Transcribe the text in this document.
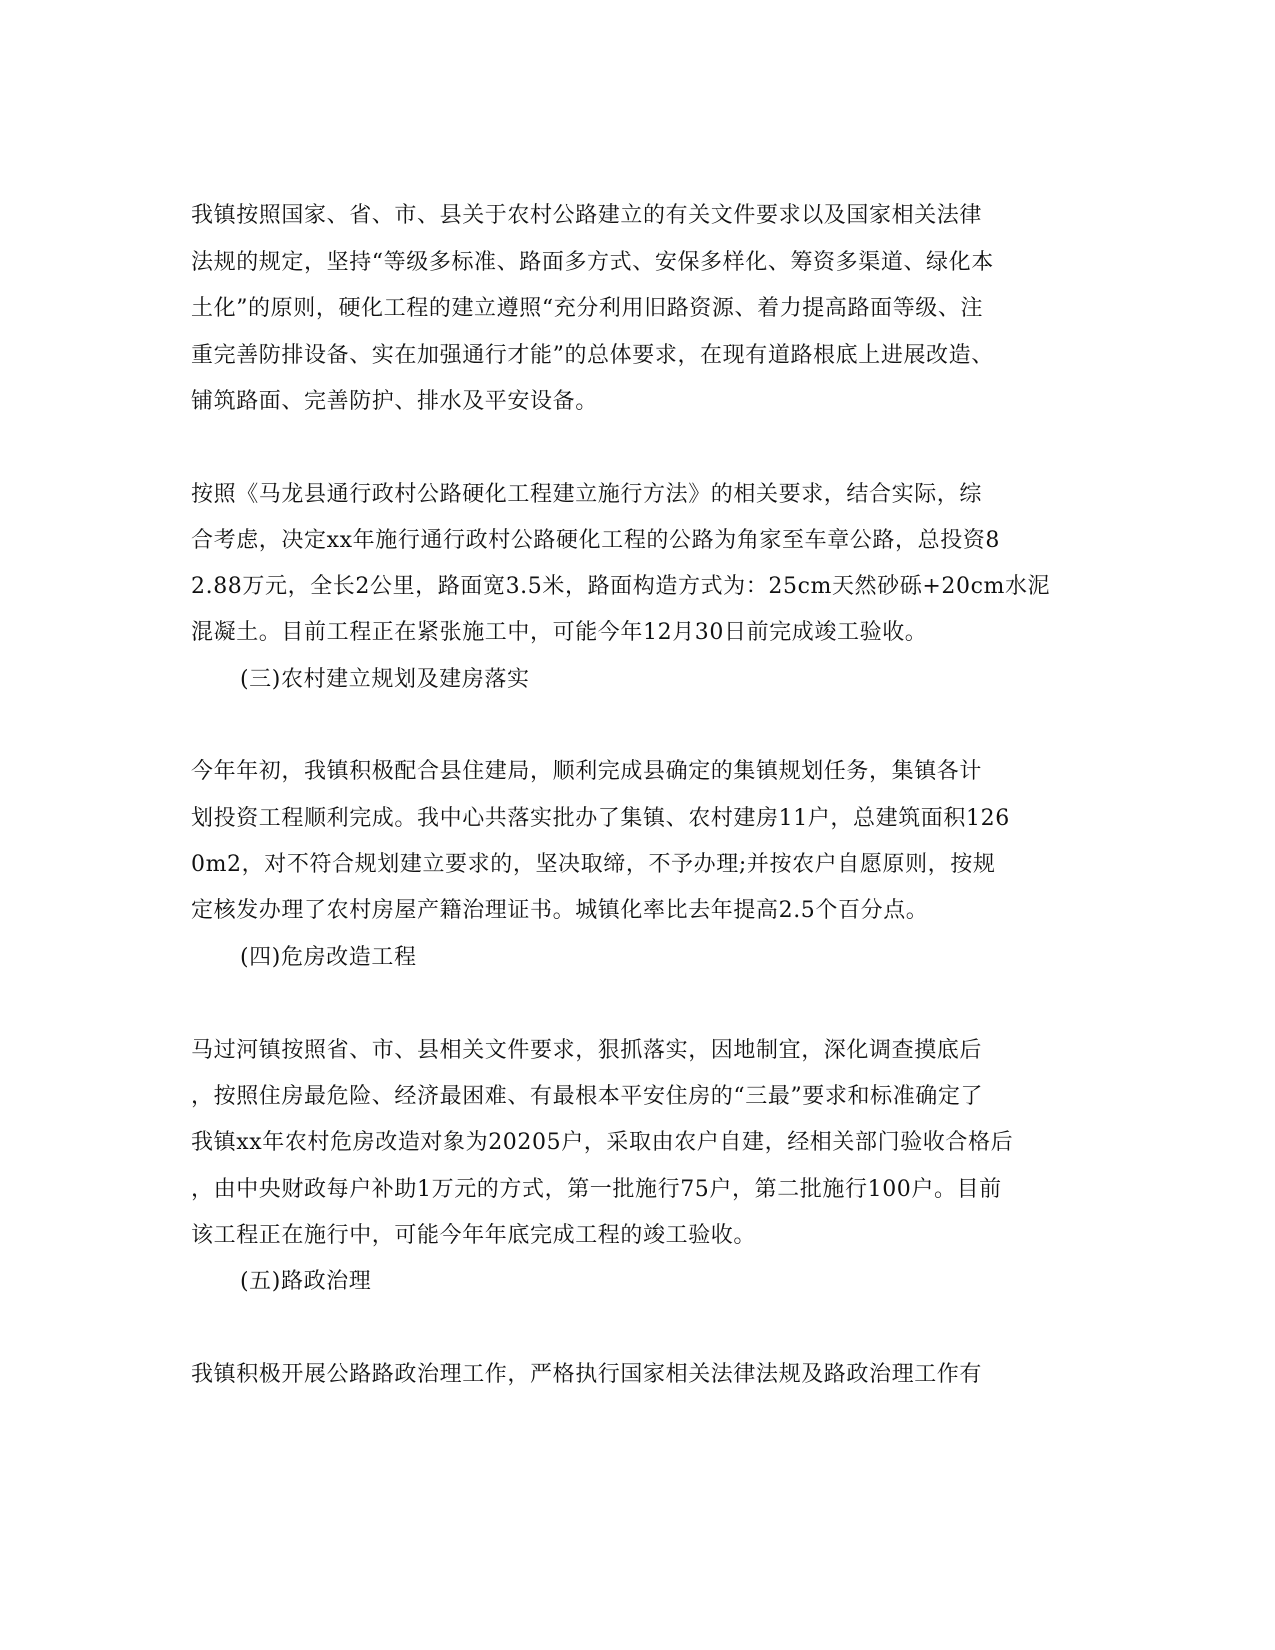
我镇按照国家、省、市、县关于农村公路建立的有关文件要求以及国家相关法律
法规的规定，坚持“等级多标准、路面多方式、安保多样化、筹资多渠道、绿化本
土化”的原则，硬化工程的建立遵照“充分利用旧路资源、着力提高路面等级、注
重完善防排设备、实在加强通行才能”的总体要求，在现有道路根底上进展改造、
铺筑路面、完善防护、排水及平安设备。
按照《马龙县通行政村公路硬化工程建立施行方法》的相关要求，结合实际，综
合考虑，决定xx年施行通行政村公路硬化工程的公路为角家至车章公路，总投资8
2.88万元，全长2公里，路面宽3.5米，路面构造方式为：25cm天然砂砾+20cm水泥
混凝土。目前工程正在紧张施工中，可能今年12月30日前完成竣工验收。
(三)农村建立规划及建房落实
今年年初，我镇积极配合县住建局，顺利完成县确定的集镇规划任务，集镇各计
划投资工程顺利完成。我中心共落实批办了集镇、农村建房11户，总建筑面积126
0m2，对不符合规划建立要求的，坚决取缔，不予办理;并按农户自愿原则，按规
定核发办理了农村房屋产籍治理证书。城镇化率比去年提高2.5个百分点。
(四)危房改造工程
马过河镇按照省、市、县相关文件要求，狠抓落实，因地制宜，深化调查摸底后
，按照住房最危险、经济最困难、有最根本平安住房的“三最”要求和标准确定了
我镇xx年农村危房改造对象为20205户，采取由农户自建，经相关部门验收合格后
，由中央财政每户补助1万元的方式，第一批施行75户，第二批施行100户。目前
该工程正在施行中，可能今年年底完成工程的竣工验收。
(五)路政治理
我镇积极开展公路路政治理工作，严格执行国家相关法律法规及路政治理工作有
